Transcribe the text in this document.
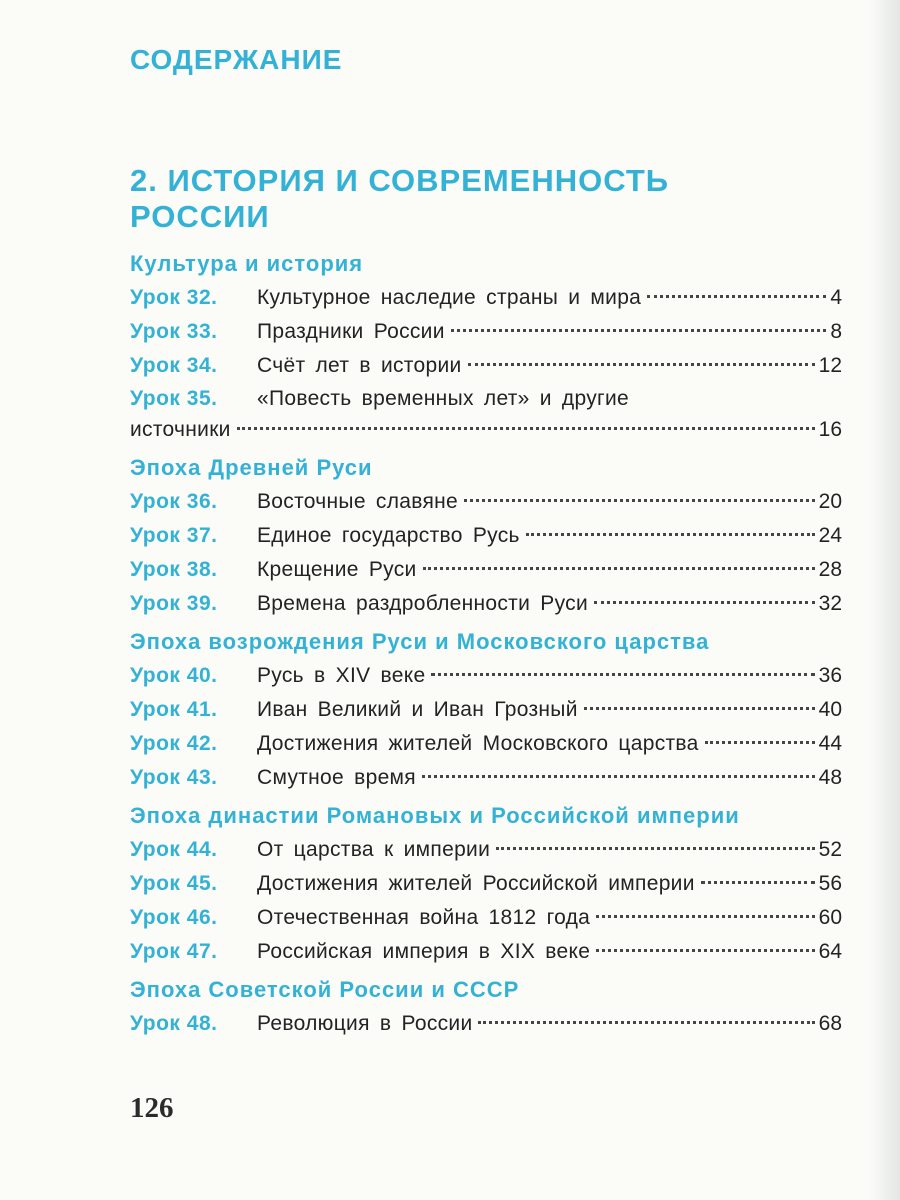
СОДЕРЖАНИЕ
2. ИСТОРИЯ И СОВРЕМЕННОСТЬ РОССИИ
Культура и история
Урок 32.	Культурное наследие страны и мира	4
Урок 33.	Праздники России	8
Урок 34.	Счёт лет в истории	12
Урок 35.	«Повесть временных лет» и другие
источники	16
Эпоха Древней Руси
Урок 36.	Восточные славяне	20
Урок 37.	Единое государство Русь	24
Урок 38.	Крещение Руси	28
Урок 39.	Времена раздробленности Руси	32
Эпоха возрождения Руси и Московского царства
Урок 40.	Русь в XIV веке	36
Урок 41.	Иван Великий и Иван Грозный	40
Урок 42.	Достижения жителей Московского царства	44
Урок 43.	Смутное время	48
Эпоха династии Романовых и Российской империи
Урок 44.	От царства к империи	52
Урок 45.	Достижения жителей Российской империи	56
Урок 46.	Отечественная война 1812 года	60
Урок 47.	Российская империя в XIX веке	64
Эпоха Советской России и СССР
Урок 48.	Революция в России	68
126
